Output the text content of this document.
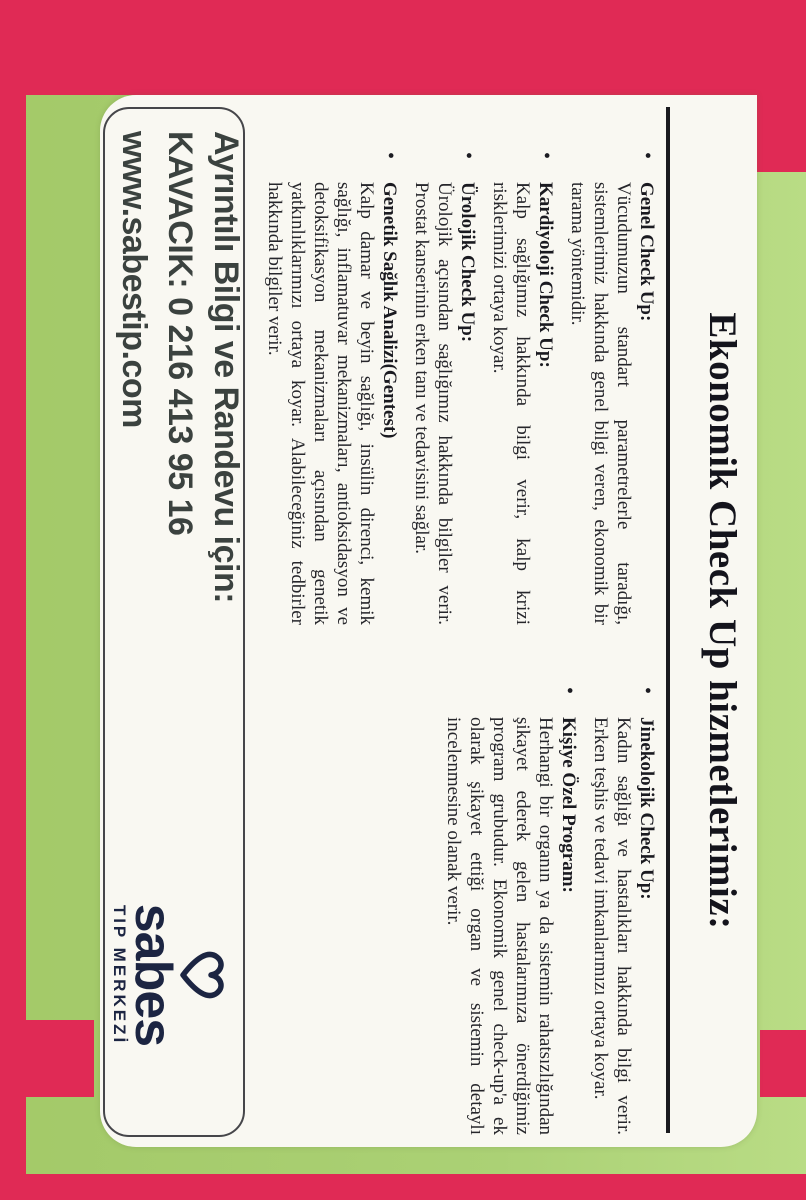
Ekonomik Check Up hizmetlerimiz:
•
Genel Check Up:
Vücudumuzun standart parametrelerle taradığı, sistemlerimiz hakkında genel bilgi veren, ekonomik bir tarama yöntemidir.
•
Kardiyoloji Check Up:
Kalp sağlığımız hakkında bilgi verir, kalp krizi risklerimizi ortaya koyar.
•
Ürolojik Check Up:
Ürolojik açısından sağlığımız hakkında bilgiler verir. Prostat kanserinin erken tanı ve tedavisini sağlar.
•
Genetik Sağlık Analizi(Gentest)
Kalp damar ve beyin sağlığı, insülin direnci, kemik sağlığı, inflamatuvar mekanizmaları, antioksidasyon ve detoksifikasyon mekanizmaları açısından genetik yatkınlıklarımızı ortaya koyar. Alabileceğiniz tedbirler hakkında bilgiler verir.
•
Jinekolojik Check Up:
Kadın sağlığı ve hastalıkları hakkında bilgi verir. Erken teşhis ve tedavi imkanlarımızı ortaya koyar.
•
Kişiye Özel Program:
Herhangi bir organın ya da sistemin rahatsızlığından şikayet ederek gelen hastalarımıza önerdiğimiz program grubudur. Ekonomik genel check-up'a ek olarak şikayet ettiği organ ve sistemin detaylı incelenmesine olanak verir.
Ayrıntılı Bilgi ve Randevu için:
KAVACIK: 0 216 413 95 16
www.sabestip.com
sabes
TIP MERKEZİ
